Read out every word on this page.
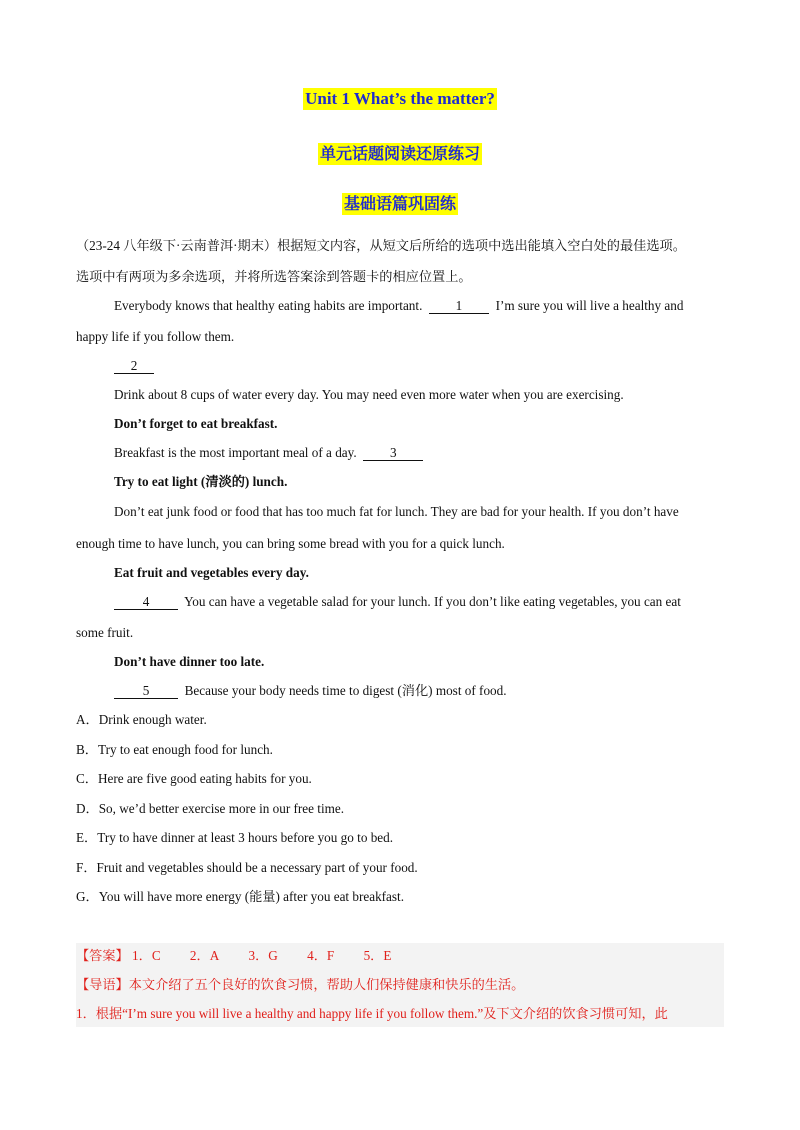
Unit 1 What’s the matter?
单元话题阅读还原练习
基础语篇巩固练
（23-24 八年级下·云南普洱·期末）根据短文内容，从短文后所给的选项中选出能填入空白处的最佳选项。
选项中有两项为多余选项，并将所选答案涂到答题卡的相应位置上。
Everybody knows that healthy eating habits are important.	1	I’m sure you will live a healthy and
happy life if you follow them.
2
Drink about 8 cups of water every day. You may need even more water when you are exercising.
Don’t forget to eat breakfast.
Breakfast is the most important meal of a day.	3
Try to eat light (清淡的) lunch.
Don’t eat junk food or food that has too much fat for lunch. They are bad for your health. If you don’t have
enough time to have lunch, you can bring some bread with you for a quick lunch.
Eat fruit and vegetables every day.
4	You can have a vegetable salad for your lunch. If you don’t like eating vegetables, you can eat
some fruit.
Don’t have dinner too late.
5	Because your body needs time to digest (消化) most of food.
A．Drink enough water.
B．Try to eat enough food for lunch.
C．Here are five good eating habits for you.
D．So, we’d better exercise more in our free time.
E．Try to have dinner at least 3 hours before you go to bed.
F．Fruit and vegetables should be a necessary part of your food.
G．You will have more energy (能量) after you eat breakfast.
【答案】 1．C 2．A 3．G 4．F 5．E
【导语】本文介绍了五个良好的饮食习惯，帮助人们保持健康和快乐的生活。
1．根据“I’m sure you will live a healthy and happy life if you follow them.”及下文介绍的饮食习惯可知，此
